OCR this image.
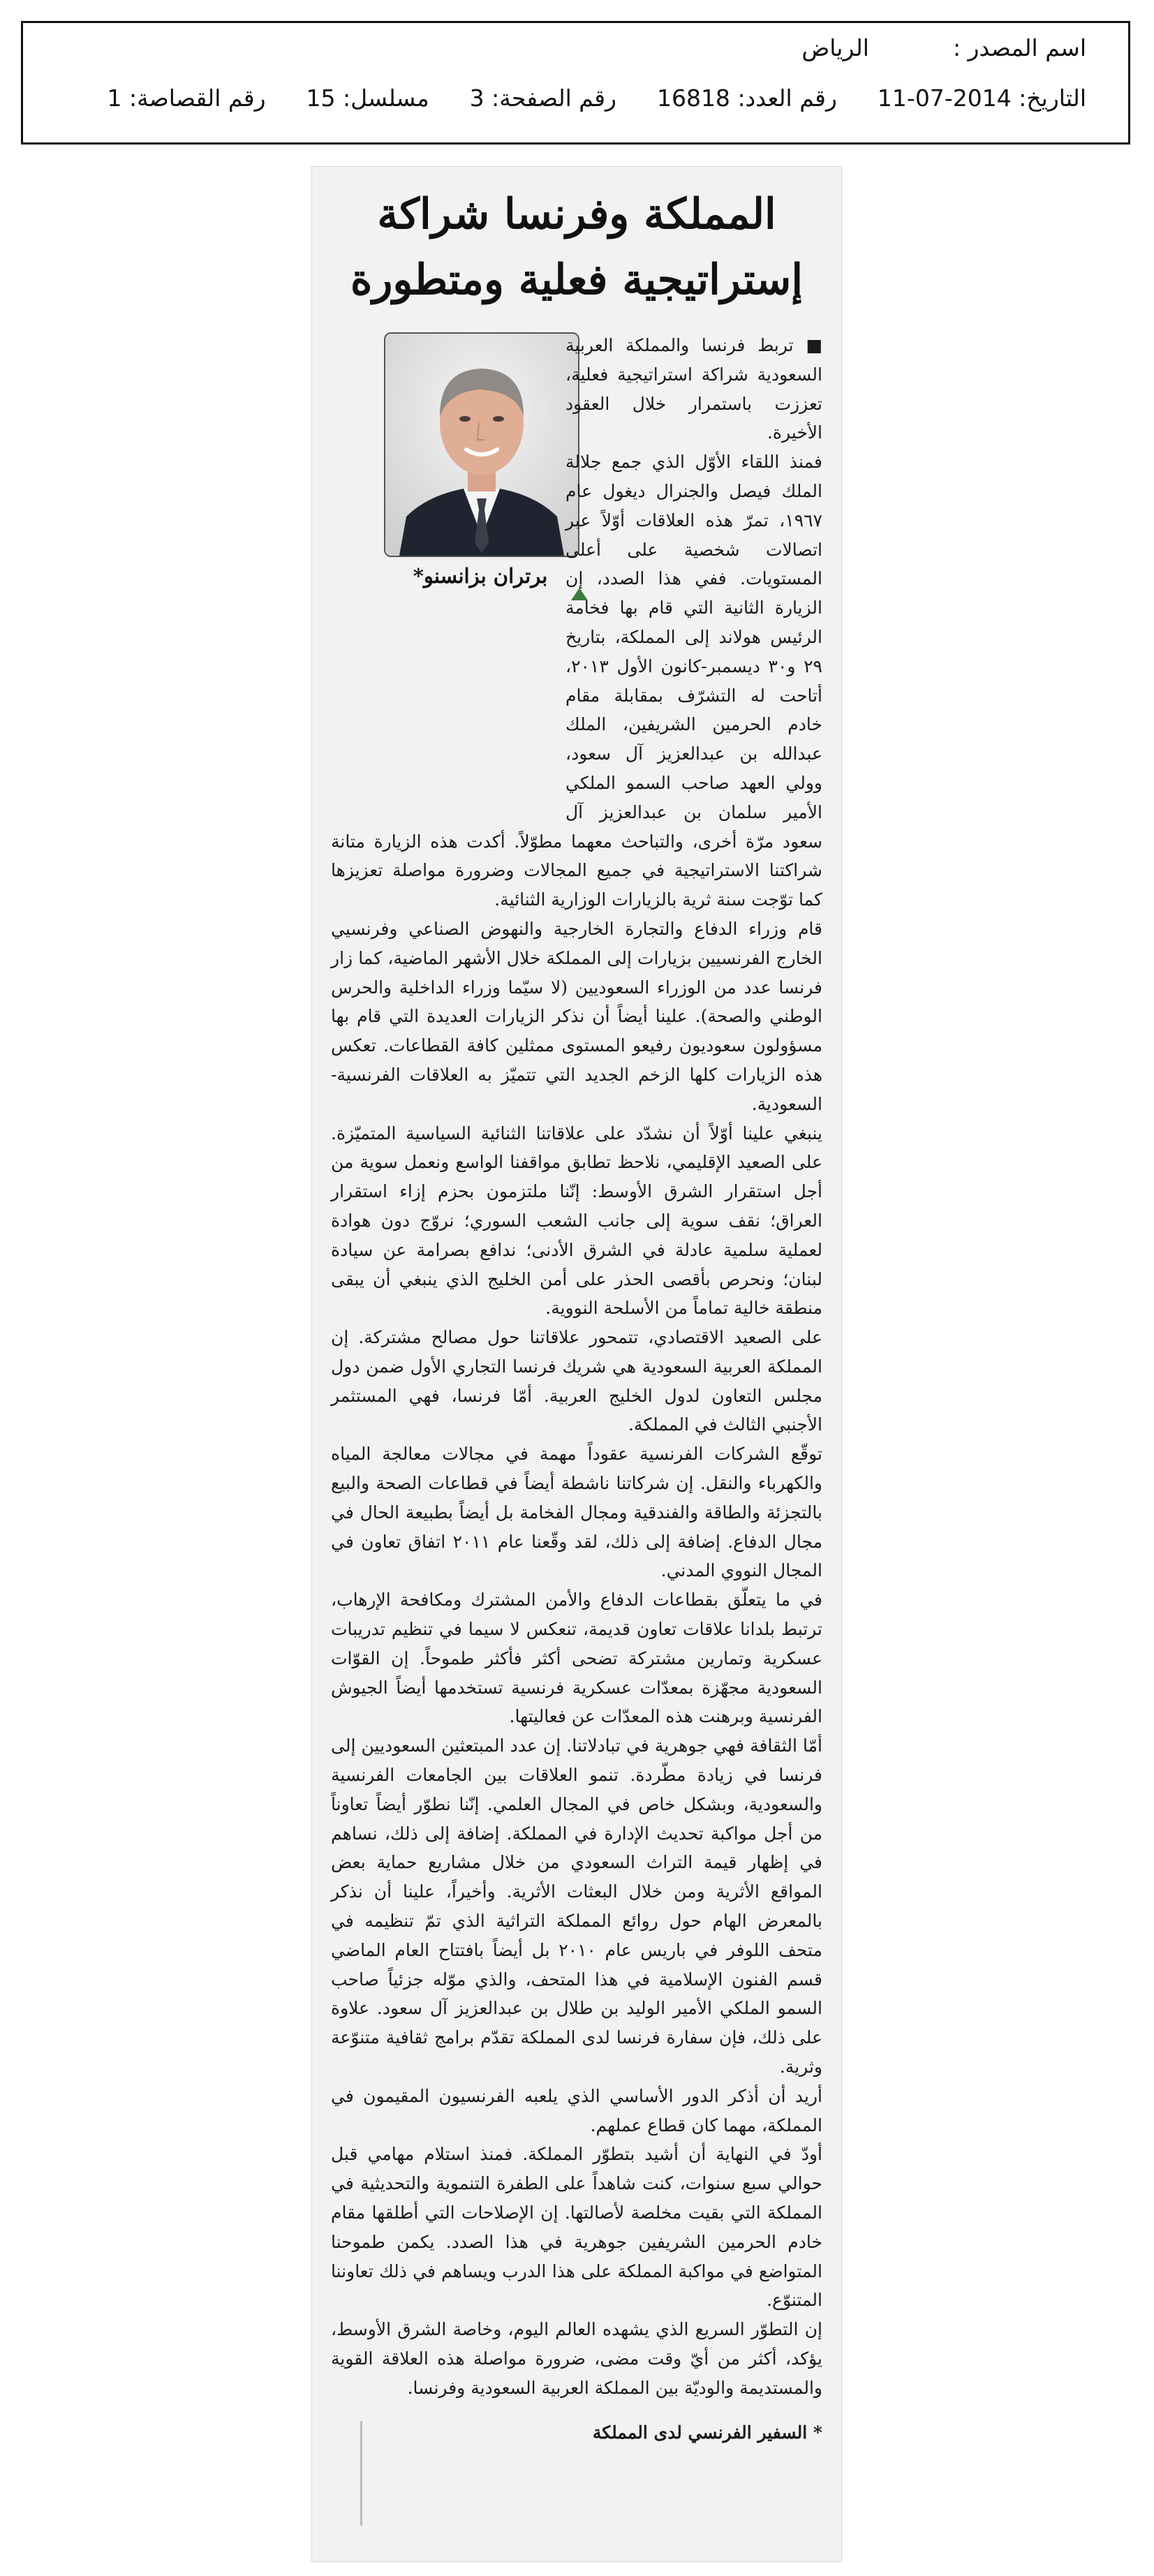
اسم المصدر :الرياض
التاريخ: 2014-07-11رقم العدد: 16818رقم الصفحة: 3مسلسل: 15رقم القصاصة: 1
المملكة وفرنسا شراكة
إستراتيجية فعلية ومتطورة
برتران بزانسنو*

■ تربط فرنسا والمملكة العربية السعودية شراكة استراتيجية فعلية، تعززت باستمرار خلال العقود الأخيرة.

فمنذ اللقاء الأوّل الذي جمع جلالة الملك فيصل والجنرال ديغول عام ١٩٦٧، تمرّ هذه العلاقات أوّلاً عبر اتصالات شخصية على أعلى المستويات. ففي هذا الصدد، إن الزيارة الثانية التي قام بها فخامة الرئيس هولاند إلى المملكة، بتاريخ ٢٩ و٣٠ ديسمبر-كانون الأول ٢٠١٣، أتاحت له التشرّف بمقابلة مقام خادم الحرمين الشريفين، الملك عبدالله بن عبدالعزيز آل سعود، وولي العهد صاحب السمو الملكي الأمير سلمان بن عبدالعزيز آل سعود مرّة أخرى، والتباحث معهما مطوّلاً. أكدت هذه الزيارة متانة شراكتنا الاستراتيجية في جميع المجالات وضرورة مواصلة تعزيزها كما توّجت سنة ثرية بالزيارات الوزارية الثنائية.

قام وزراء الدفاع والتجارة الخارجية والنهوض الصناعي وفرنسيي الخارج الفرنسيين بزيارات إلى المملكة خلال الأشهر الماضية، كما زار فرنسا عدد من الوزراء السعوديين (لا سيّما وزراء الداخلية والحرس الوطني والصحة). علينا أيضاً أن نذكر الزيارات العديدة التي قام بها مسؤولون سعوديون رفيعو المستوى ممثلين كافة القطاعات. تعكس هذه الزيارات كلها الزخم الجديد التي تتميّز به العلاقات الفرنسية-السعودية.

ينبغي علينا أوّلاً أن نشدّد على علاقاتنا الثنائية السياسية المتميّزة. على الصعيد الإقليمي، نلاحظ تطابق مواقفنا الواسع ونعمل سوية من أجل استقرار الشرق الأوسط: إنّنا ملتزمون بحزم إزاء استقرار العراق؛ نقف سوية إلى جانب الشعب السوري؛ نروّج دون هوادة لعملية سلمية عادلة في الشرق الأدنى؛ ندافع بصرامة عن سيادة لبنان؛ ونحرص بأقصى الحذر على أمن الخليج الذي ينبغي أن يبقى منطقة خالية تماماً من الأسلحة النووية.

على الصعيد الاقتصادي، تتمحور علاقاتنا حول مصالح مشتركة. إن المملكة العربية السعودية هي شريك فرنسا التجاري الأول ضمن دول مجلس التعاون لدول الخليج العربية. أمّا فرنسا، فهي المستثمر الأجنبي الثالث في المملكة.

توقّع الشركات الفرنسية عقوداً مهمة في مجالات معالجة المياه والكهرباء والنقل. إن شركاتنا ناشطة أيضاً في قطاعات الصحة والبيع بالتجزئة والطاقة والفندقية ومجال الفخامة بل أيضاً بطبيعة الحال في مجال الدفاع. إضافة إلى ذلك، لقد وقّعنا عام ٢٠١١ اتفاق تعاون في المجال النووي المدني.

في ما يتعلّق بقطاعات الدفاع والأمن المشترك ومكافحة الإرهاب، ترتبط بلدانا علاقات تعاون قديمة، تنعكس لا سيما في تنظيم تدريبات عسكرية وتمارين مشتركة تضحى أكثر فأكثر طموحاً. إن القوّات السعودية مجهّزة بمعدّات عسكرية فرنسية تستخدمها أيضاً الجيوش الفرنسية وبرهنت هذه المعدّات عن فعاليتها.

أمّا الثقافة فهي جوهرية في تبادلاتنا. إن عدد المبتعثين السعوديين إلى فرنسا في زيادة مطّردة. تنمو العلاقات بين الجامعات الفرنسية والسعودية، وبشكل خاص في المجال العلمي. إنّنا نطوّر أيضاً تعاوناً من أجل مواكبة تحديث الإدارة في المملكة. إضافة إلى ذلك، نساهم في إظهار قيمة التراث السعودي من خلال مشاريع حماية بعض المواقع الأثرية ومن خلال البعثات الأثرية. وأخيراً، علينا أن نذكر بالمعرض الهام حول روائع المملكة التراثية الذي تمّ تنظيمه في متحف اللوفر في باريس عام ٢٠١٠ بل أيضاً بافتتاح العام الماضي قسم الفنون الإسلامية في هذا المتحف، والذي موّله جزئياً صاحب السمو الملكي الأمير الوليد بن طلال بن عبدالعزيز آل سعود. علاوة على ذلك، فإن سفارة فرنسا لدى المملكة تقدّم برامج ثقافية متنوّعة وثرية.

أريد أن أذكر الدور الأساسي الذي يلعبه الفرنسيون المقيمون في المملكة، مهما كان قطاع عملهم.

أودّ في النهاية أن أشيد بتطوّر المملكة. فمنذ استلام مهامي قبل حوالي سبع سنوات، كنت شاهداً على الطفرة التنموية والتحديثية في المملكة التي بقيت مخلصة لأصالتها. إن الإصلاحات التي أطلقها مقام خادم الحرمين الشريفين جوهرية في هذا الصدد. يكمن طموحنا المتواضع في مواكبة المملكة على هذا الدرب ويساهم في ذلك تعاوننا المتنوّع.

إن التطوّر السريع الذي يشهده العالم اليوم، وخاصة الشرق الأوسط، يؤكد، أكثر من أيّ وقت مضى، ضرورة مواصلة هذه العلاقة القوية والمستديمة والوديّة بين المملكة العربية السعودية وفرنسا.

* السفير الفرنسي لدى المملكة
